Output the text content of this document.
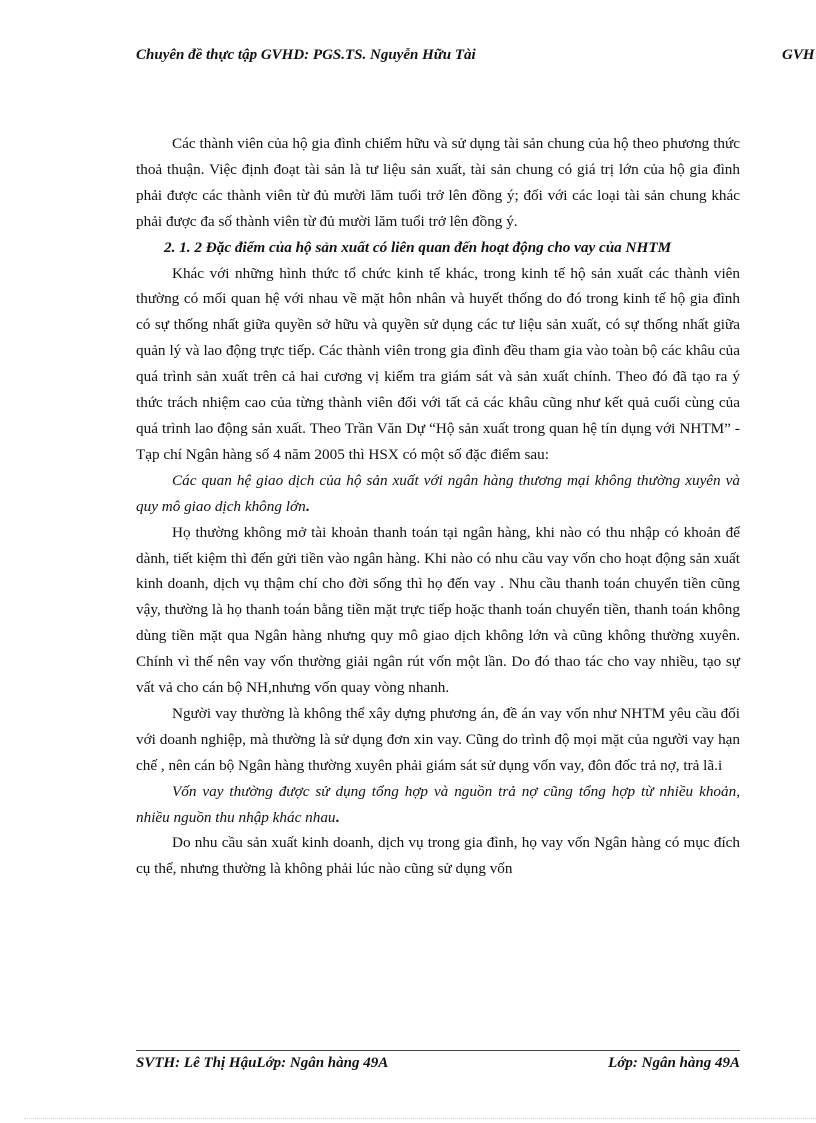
Chuyên đề thực tập GVHD: PGS.TS. Nguyễn Hữu Tài	GVH

Các thành viên của hộ gia đình chiếm hữu và sử dụng tài sản chung của hộ theo phương thức thoả thuận. Việc định đoạt tài sản là tư liệu sản xuất, tài sản chung có giá trị lớn của hộ gia đình phải được các thành viên từ đủ mười lăm tuổi trở lên đồng ý; đối với các loại tài sản chung khác phải được đa số thành viên từ đủ mười lăm tuổi trở lên đồng ý.

2. 1. 2 Đặc điểm của hộ sản xuất có liên quan đến hoạt động cho vay của NHTM

Khác với những hình thức tổ chức kinh tế khác, trong kinh tế hộ sản xuất các thành viên thường có mối quan hệ với nhau về mặt hôn nhân và huyết thống do đó trong kinh tế hộ gia đình có sự thống nhất giữa quyền sở hữu và quyền sử dụng các tư liệu sản xuất, có sự thống nhất giữa quản lý và lao động trực tiếp. Các thành viên trong gia đình đều tham gia vào toàn bộ các khâu của quá trình sản xuất trên cả hai cương vị kiểm tra giám sát và sản xuất chính. Theo đó đã tạo ra ý thức trách nhiệm cao của từng thành viên đối với tất cả các khâu cũng như kết quả cuối cùng của quá trình lao động sản xuất. Theo Trần Văn Dự “Hộ sản xuất trong quan hệ tín dụng với NHTM” - Tạp chí Ngân hàng số 4 năm 2005 thì HSX có một số đặc điểm sau:

Các quan hệ giao dịch của hộ sản xuất với ngân hàng thương mại không thường xuyên và quy mô giao dịch không lớn.

Họ thường không mở tài khoản thanh toán tại ngân hàng, khi nào có thu nhập có khoản để dành, tiết kiệm thì đến gửi tiền vào ngân hàng. Khi nào có nhu cầu vay vốn cho hoạt động sản xuất kinh doanh, dịch vụ thậm chí cho đời sống thì họ đến vay . Nhu cầu thanh toán chuyển tiền cũng vậy, thường là họ thanh toán bằng tiền mặt trực tiếp hoặc thanh toán chuyển tiền, thanh toán không dùng tiền mặt qua Ngân hàng nhưng quy mô giao dịch không lớn và cũng không thường xuyên. Chính vì thế nên vay vốn thường giải ngân rút vốn một lần. Do đó thao tác cho vay nhiều, tạo sự vất vả cho cán bộ NH,nhưng vốn quay vòng nhanh.

Người vay thường là không thể xây dựng phương án, đề án vay vốn như NHTM yêu cầu đối với doanh nghiệp, mà thường là sử dụng đơn xin vay. Cũng do trình độ mọi mặt của người vay hạn chế , nên cán bộ Ngân hàng thường xuyên phải giám sát sử dụng vốn vay, đôn đốc trả nợ, trả lã.i

Vốn vay thường được sử dụng tổng hợp và nguồn trả nợ cũng tổng hợp từ nhiều khoản, nhiều nguồn thu nhập khác nhau.

Do nhu cầu sản xuất kinh doanh, dịch vụ trong gia đình, họ vay vốn Ngân hàng có mục đích cụ thể, nhưng thường là không phải lúc nào cũng sử dụng vốn

SVTH: Lê Thị HậuLớp: Ngân hàng 49A	Lớp: Ngân hàng 49A
